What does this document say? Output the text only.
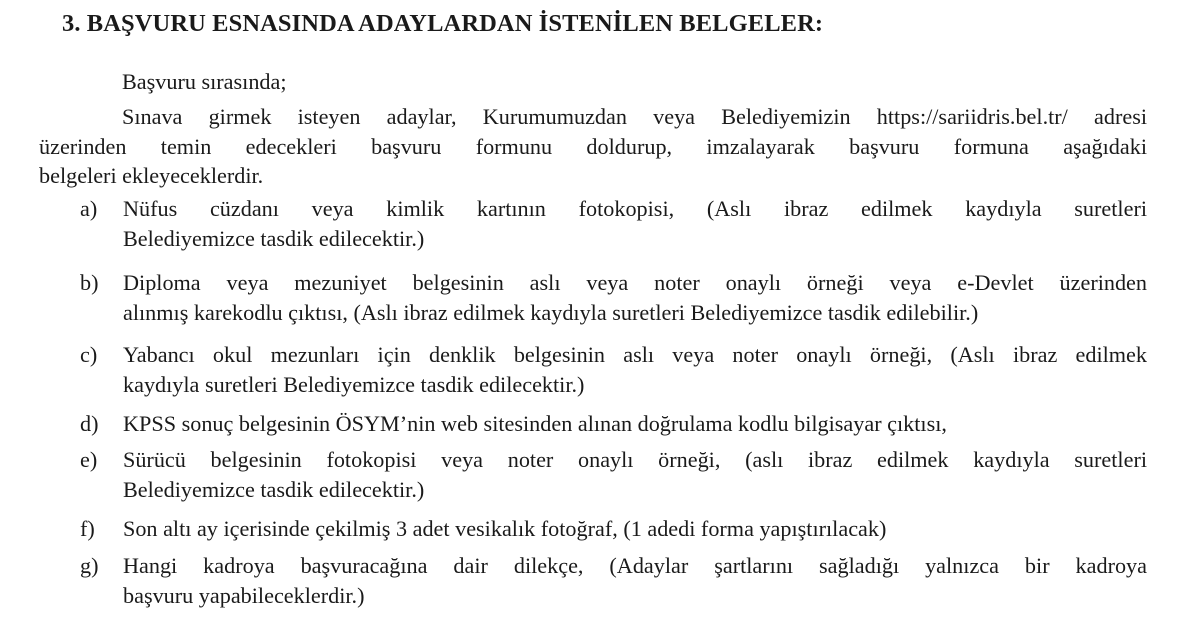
3. BAŞVURU ESNASINDA ADAYLARDAN İSTENİLEN BELGELER:
Başvuru sırasında;
Sınava girmek isteyen adaylar, Kurumumuzdan veya Belediyemizin https://sariidris.bel.tr/ adresi
üzerinden temin edecekleri başvuru formunu doldurup, imzalayarak başvuru formuna aşağıdaki
belgeleri ekleyeceklerdir.
a) Nüfus cüzdanı veya kimlik kartının fotokopisi, (Aslı ibraz edilmek kaydıyla suretleri
Belediyemizce tasdik edilecektir.)
b) Diploma veya mezuniyet belgesinin aslı veya noter onaylı örneği veya e-Devlet üzerinden
alınmış karekodlu çıktısı, (Aslı ibraz edilmek kaydıyla suretleri Belediyemizce tasdik edilebilir.)
c) Yabancı okul mezunları için denklik belgesinin aslı veya noter onaylı örneği, (Aslı ibraz edilmek
kaydıyla suretleri Belediyemizce tasdik edilecektir.)
d) KPSS sonuç belgesinin ÖSYM’nin web sitesinden alınan doğrulama kodlu bilgisayar çıktısı,
e) Sürücü belgesinin fotokopisi veya noter onaylı örneği, (aslı ibraz edilmek kaydıyla suretleri
Belediyemizce tasdik edilecektir.)
f) Son altı ay içerisinde çekilmiş 3 adet vesikalık fotoğraf, (1 adedi forma yapıştırılacak)
g) Hangi kadroya başvuracağına dair dilekçe, (Adaylar şartlarını sağladığı yalnızca bir kadroya
başvuru yapabileceklerdir.)
